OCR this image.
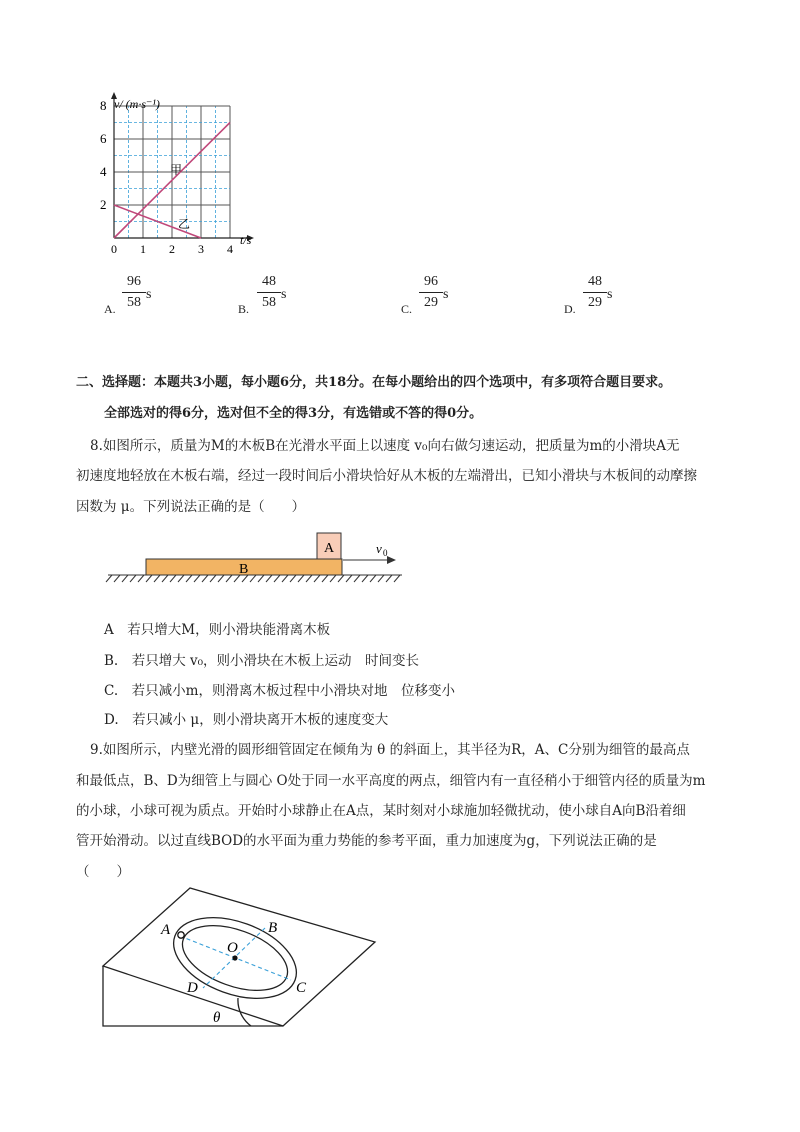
0 1 2 3 4
2
4
6
8 v/ (m·s⁻¹)
t/s
甲
乙
A.
96
58
s
B.
48
58
s
C.
96
29
s
D.
48
29
s
二、选择题：本题共3小题，每小题6分，共18分。在每小题给出的四个选项中，有多项符合题目要求。
全部选对的得6分，选对但不全的得3分，有选错或不答的得0分。
8.如图所示，质量为M的木板B在光滑水平面上以速度 v₀向右做匀速运动，把质量为m的小滑块A无
初速度地轻放在木板右端，经过一段时间后小滑块恰好从木板的左端滑出，已知小滑块与木板间的动摩擦
因数为 μ。下列说法正确的是（　　）
A
B
v 0
A　若只增大M，则小滑块能滑离木板
B.　若只增大 v₀，则小滑块在木板上运动　时间变长
C.　若只减小m，则滑离木板过程中小滑块对地　位移变小
D.　若只减小 μ，则小滑块离开木板的速度变大
9.如图所示，内壁光滑的圆形细管固定在倾角为 θ 的斜面上，其半径为R，A、C分别为细管的最高点
和最低点，B、D为细管上与圆心 O处于同一水平高度的两点，细管内有一直径稍小于细管内径的质量为m
的小球，小球可视为质点。开始时小球静止在A点，某时刻对小球施加轻微扰动，使小球自A向B沿着细
管开始滑动。以过直线BOD的水平面为重力势能的参考平面，重力加速度为g，下列说法正确的是
（　　）
A	B
O
C
D
θ
